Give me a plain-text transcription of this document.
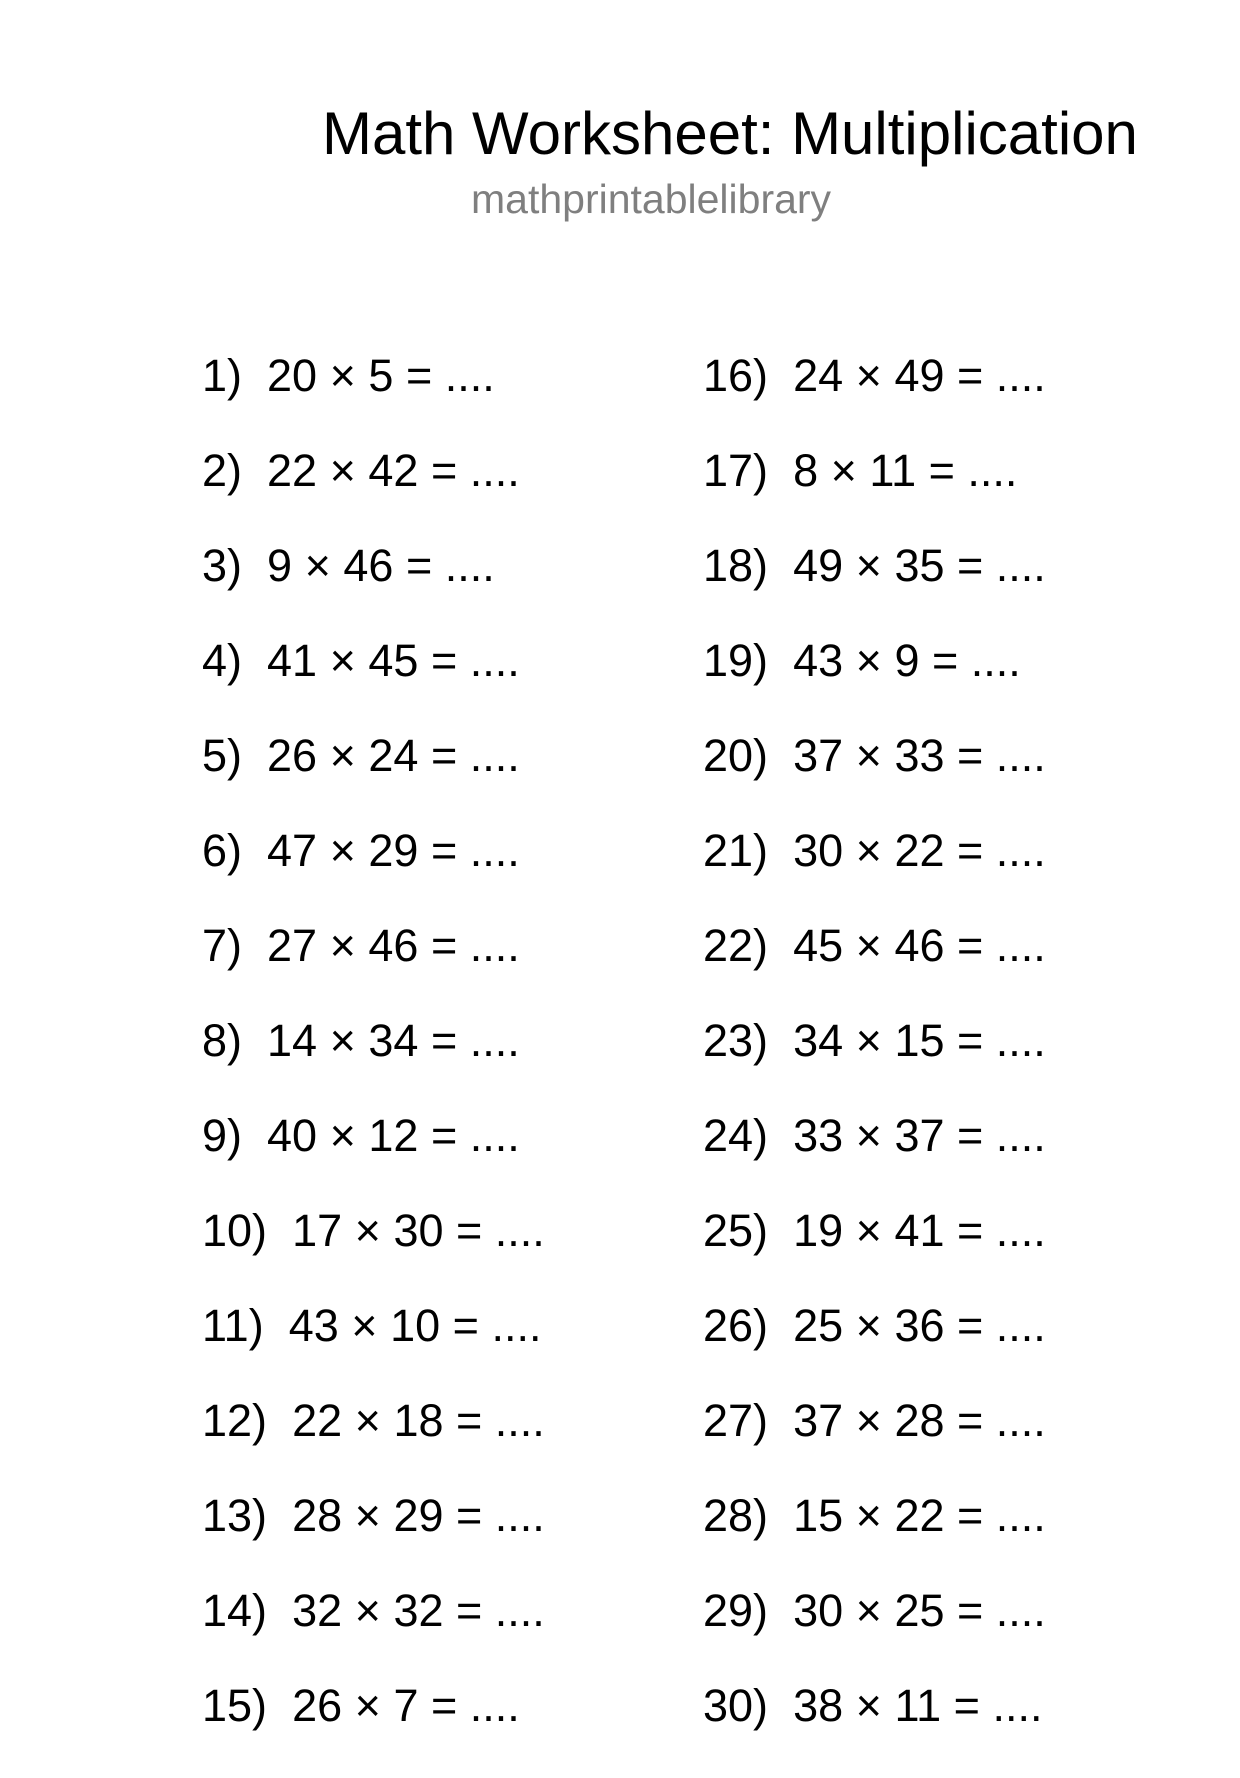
Math Worksheet: Multiplication
mathprintablelibrary
1) 20 × 5 = ....
2) 22 × 42 = ....
3) 9 × 46 = ....
4) 41 × 45 = ....
5) 26 × 24 = ....
6) 47 × 29 = ....
7) 27 × 46 = ....
8) 14 × 34 = ....
9) 40 × 12 = ....
10) 17 × 30 = ....
11) 43 × 10 = ....
12) 22 × 18 = ....
13) 28 × 29 = ....
14) 32 × 32 = ....
15) 26 × 7 = ....
16) 24 × 49 = ....
17) 8 × 11 = ....
18) 49 × 35 = ....
19) 43 × 9 = ....
20) 37 × 33 = ....
21) 30 × 22 = ....
22) 45 × 46 = ....
23) 34 × 15 = ....
24) 33 × 37 = ....
25) 19 × 41 = ....
26) 25 × 36 = ....
27) 37 × 28 = ....
28) 15 × 22 = ....
29) 30 × 25 = ....
30) 38 × 11 = ....
